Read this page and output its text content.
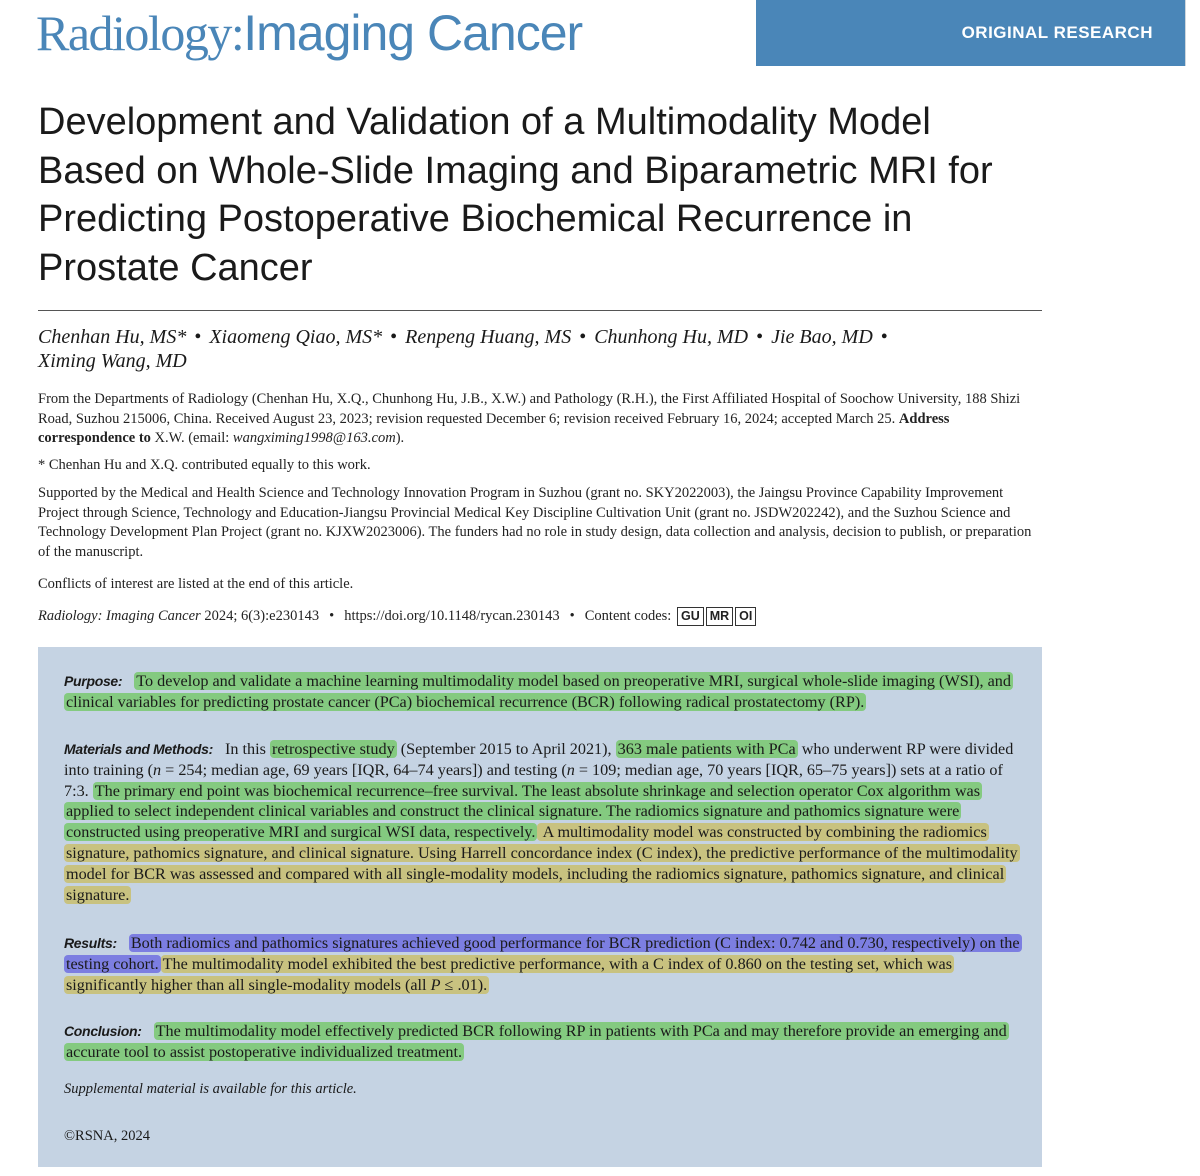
Radiology:Imaging Cancer	ORIGINAL RESEARCH
Development and Validation of a Multimodality Model Based on Whole-Slide Imaging and Biparametric MRI for Predicting Postoperative Biochemical Recurrence in Prostate Cancer
Chenhan Hu, MS* • Xiaomeng Qiao, MS* • Renpeng Huang, MS • Chunhong Hu, MD • Jie Bao, MD •
Ximing Wang, MD
From the Departments of Radiology (Chenhan Hu, X.Q., Chunhong Hu, J.B., X.W.) and Pathology (R.H.), the First Affiliated Hospital of Soochow University, 188 Shizi Road, Suzhou 215006, China. Received August 23, 2023; revision requested December 6; revision received February 16, 2024; accepted March 25. Address correspondence to X.W. (email: wangximing1998@163.com).
* Chenhan Hu and X.Q. contributed equally to this work.
Supported by the Medical and Health Science and Technology Innovation Program in Suzhou (grant no. SKY2022003), the Jaingsu Province Capability Improvement Project through Science, Technology and Education-Jiangsu Provincial Medical Key Discipline Cultivation Unit (grant no. JSDW202242), and the Suzhou Science and Technology Development Plan Project (grant no. KJXW2023006). The funders had no role in study design, data collection and analysis, decision to publish, or preparation of the manuscript.
Conflicts of interest are listed at the end of this article.
Radiology: Imaging Cancer 2024; 6(3):e230143 • https://doi.org/10.1148/rycan.230143 • Content codes: GU MR OI
Purpose: To develop and validate a machine learning multimodality model based on preoperative MRI, surgical whole-slide imaging (WSI), and clinical variables for predicting prostate cancer (PCa) biochemical recurrence (BCR) following radical prostatectomy (RP).
Materials and Methods: In this retrospective study (September 2015 to April 2021), 363 male patients with PCa who underwent RP were divided into training (n = 254; median age, 69 years [IQR, 64–74 years]) and testing (n = 109; median age, 70 years [IQR, 65–75 years]) sets at a ratio of 7:3. The primary end point was biochemical recurrence–free survival. The least absolute shrinkage and selection operator Cox algorithm was applied to select independent clinical variables and construct the clinical signature. The radiomics signature and pathomics signature were constructed using preoperative MRI and surgical WSI data, respectively. A multimodality model was constructed by combining the radiomics signature, pathomics signature, and clinical signature. Using Harrell concordance index (C index), the predictive performance of the multimodality model for BCR was assessed and compared with all single-modality models, including the radiomics signature, pathomics signature, and clinical signature.
Results: Both radiomics and pathomics signatures achieved good performance for BCR prediction (C index: 0.742 and 0.730, respectively) on the testing cohort. The multimodality model exhibited the best predictive performance, with a C index of 0.860 on the testing set, which was significantly higher than all single-modality models (all P ≤ .01).
Conclusion: The multimodality model effectively predicted BCR following RP in patients with PCa and may therefore provide an emerging and accurate tool to assist postoperative individualized treatment.
Supplemental material is available for this article.
©RSNA, 2024
